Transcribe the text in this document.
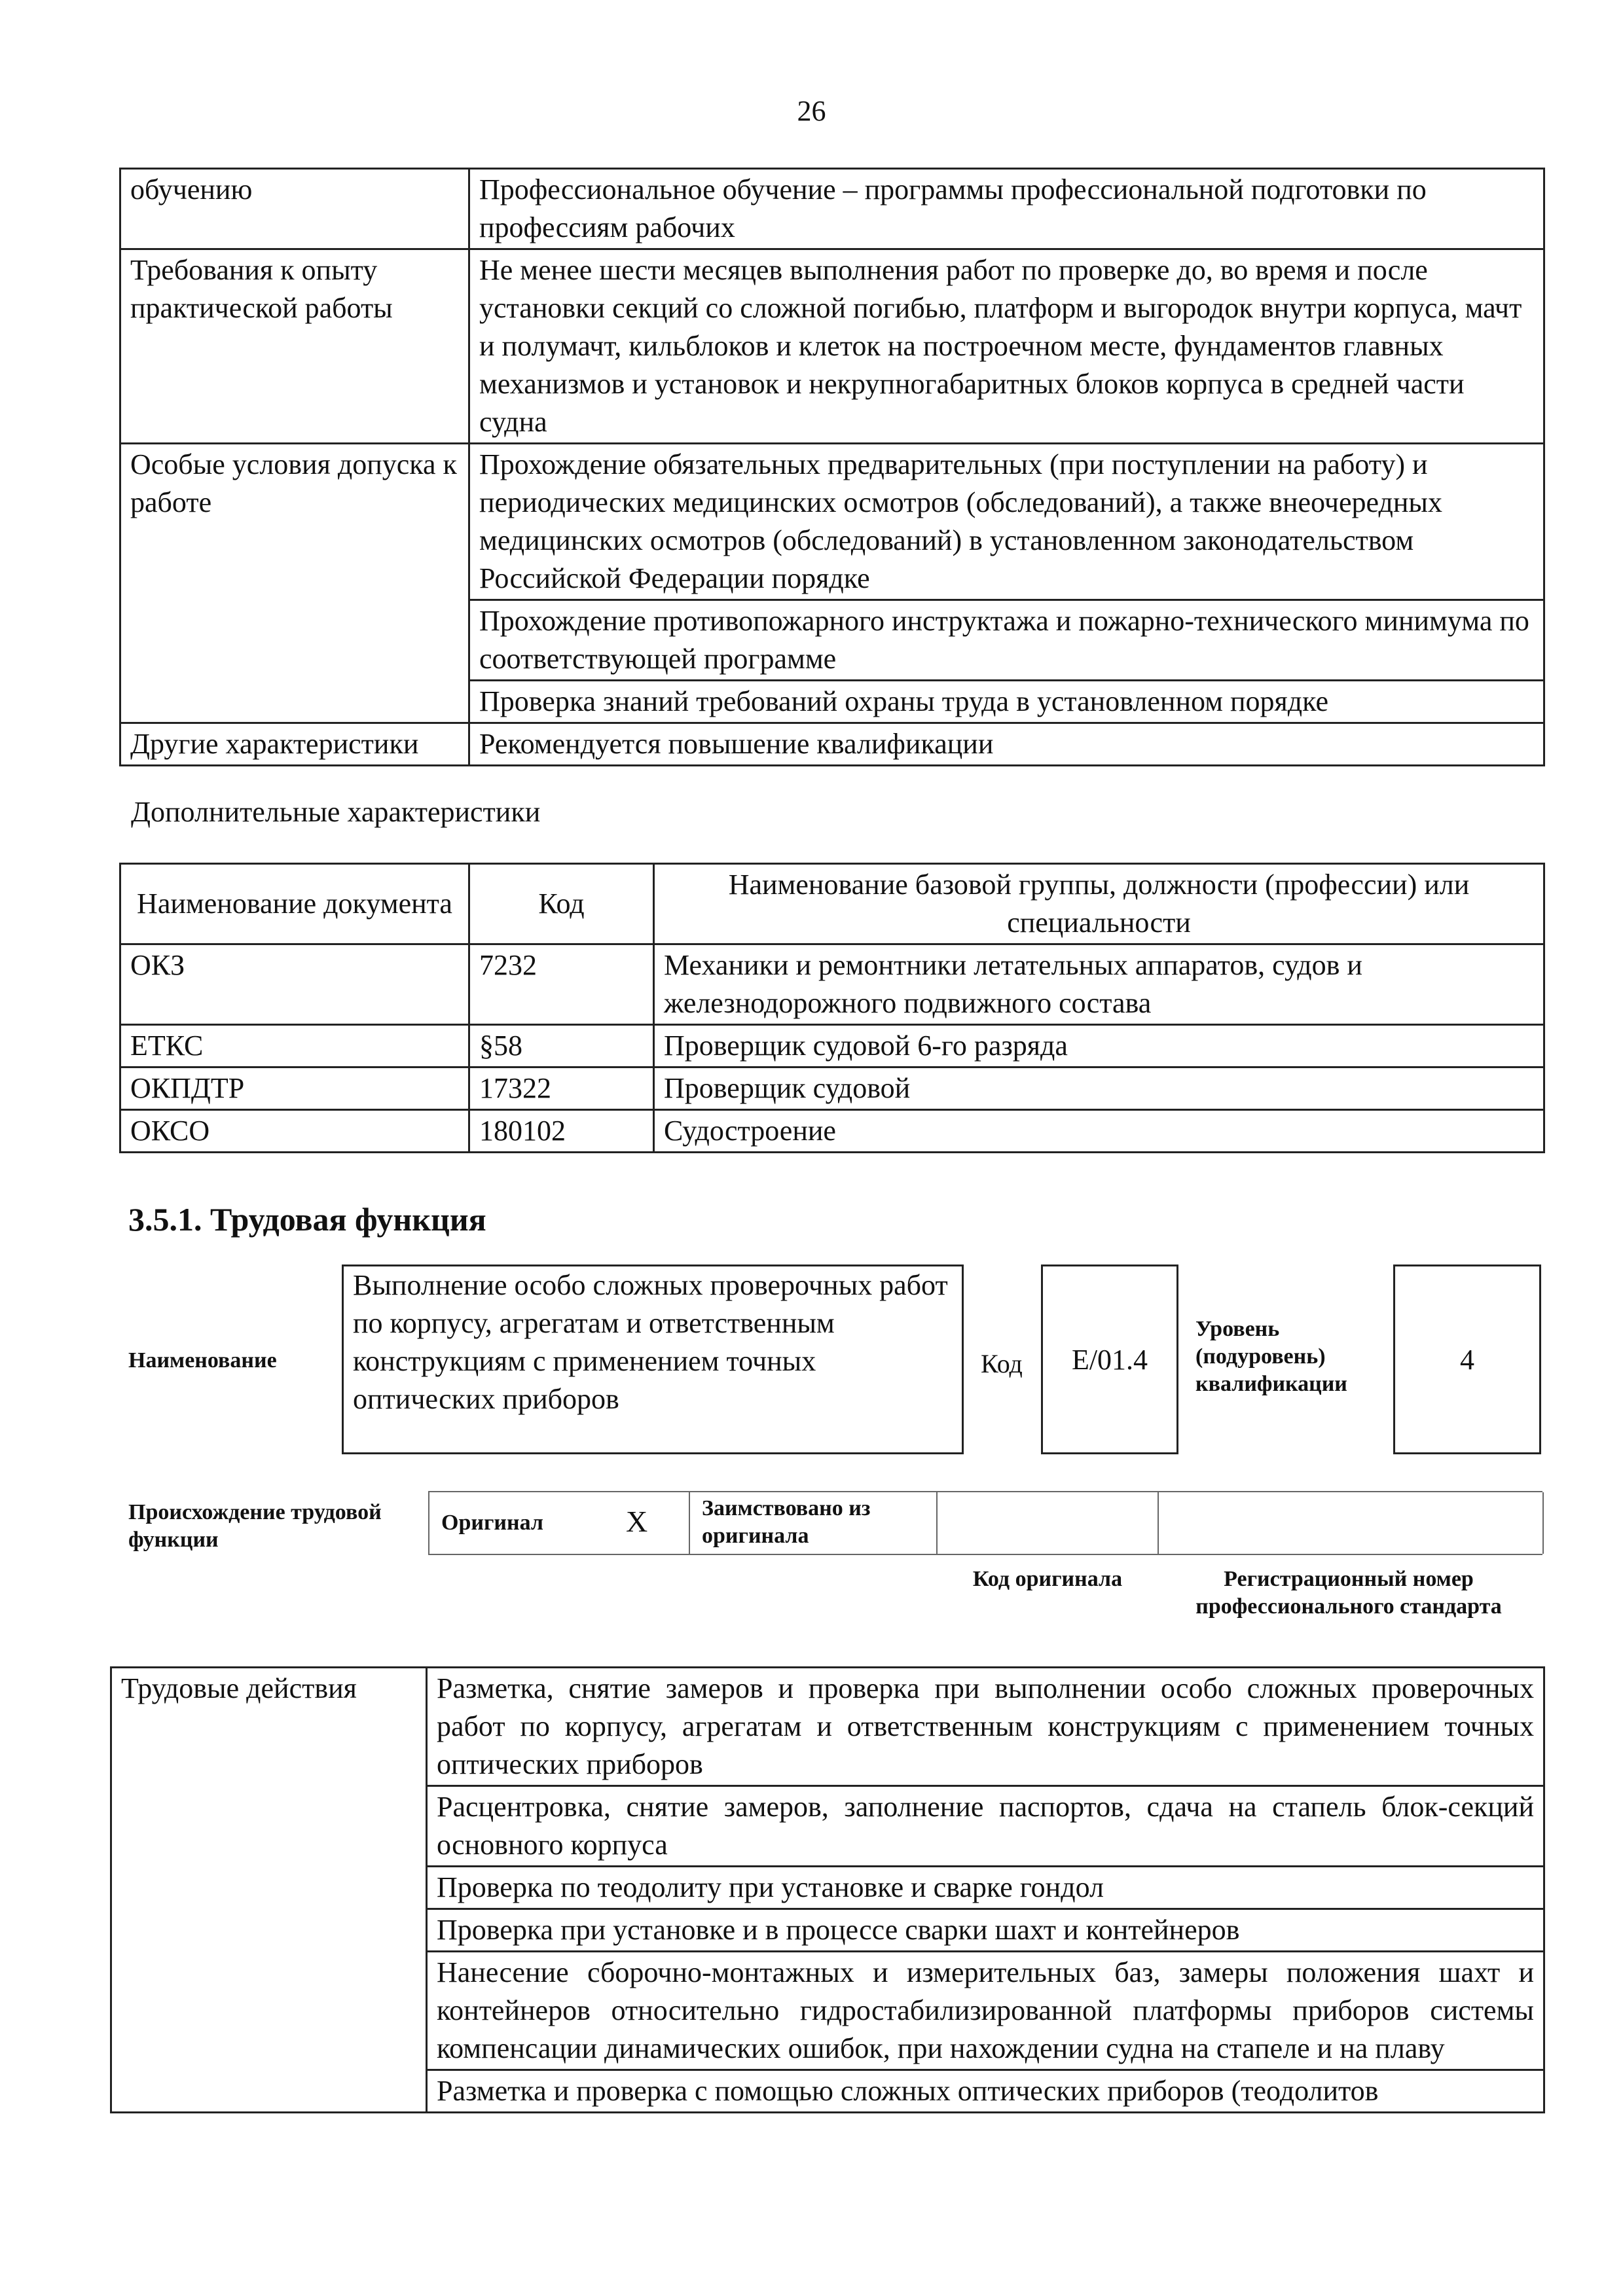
26
обучению	Профессиональное обучение – программы профессиональной подготовки по профессиям рабочих
Требования к опыту практической работы	Не менее шести месяцев выполнения работ по проверке до, во время и после установки секций со сложной погибью, платформ и выгородок внутри корпуса, мачт и полумачт, кильблоков и клеток на построечном месте, фундаментов главных механизмов и установок и некрупногабаритных блоков корпуса в средней части судна
Особые условия допуска к работе	Прохождение обязательных предварительных (при поступлении на работу) и периодических медицинских осмотров (обследований), а также внеочередных медицинских осмотров (обследований) в установленном законодательством Российской Федерации порядке
	Прохождение противопожарного инструктажа и пожарно-технического минимума по соответствующей программе
	Проверка знаний требований охраны труда в установленном порядке
Другие характеристики	Рекомендуется повышение квалификации
Дополнительные характеристики
Наименование документа	Код	Наименование базовой группы, должности (профессии) или специальности
ОКЗ	7232	Механики и ремонтники летательных аппаратов, судов и железнодорожного подвижного состава
ЕТКС	§58	Проверщик судовой 6-го разряда
ОКПДТР	17322	Проверщик судовой
ОКСО	180102	Судостроение
3.5.1. Трудовая функция
Наименование
Выполнение особо сложных проверочных работ по корпусу, агрегатам и ответственным конструкциям с применением точных оптических приборов
Код E/01.4
Уровень (подуровень) квалификации
4
Происхождение трудовой функции
Оригинал	X Заимствовано из оригинала
Код оригинала	Регистрационный номер профессионального стандарта
Трудовые действия	Разметка, снятие замеров и проверка при выполнении особо сложных проверочных работ по корпусу, агрегатам и ответственным конструкциям с применением точных оптических приборов
Расцентровка, снятие замеров, заполнение паспортов, сдача на стапель блок-секций основного корпуса
Проверка по теодолиту при установке и сварке гондол
Проверка при установке и в процессе сварки шахт и контейнеров
Нанесение сборочно-монтажных и измерительных баз, замеры положения шахт и контейнеров относительно гидростабилизированной платформы приборов системы компенсации динамических ошибок, при нахождении судна на стапеле и на плаву
Разметка и проверка с помощью сложных оптических приборов (теодолитов
